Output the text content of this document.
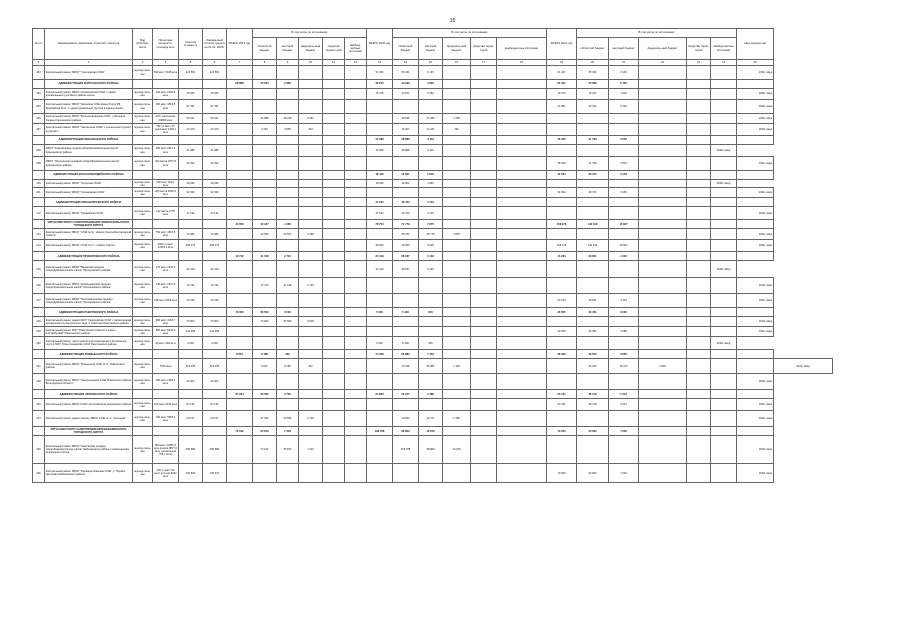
15
№ п/п	Наименование заказчиков, отраслей, объектов	Вид собствен-ности	Проектная мощность, площадь кв.м	Сметная стоимость	Ожидае-мый остаток средств на 01.01. 2018г.	ВСЕГО 2019 год	В том числе по источникам:					ВСЕГО 2020 год	В том числе по источникам:					ВСЕГО 2021 год	В том числе по источникам:					ввод мощностей	
							областной бюджет	местный бюджет	федераль-ный бюджет	средства террито-рий	внебюд-жетные источники		областной бюджет	местный бюджет	федераль-ный бюджет	средства терри-торий	внебюджетные источники		областной бюджет	местный бюджет	федераль-ный бюджет	средства терри-торий	внебюд-жетные источники		
1	2	3	4	5	6	7	8	9	10	11	12	13	14	15	16	17	18	19	20	21	22	23	24	25	
203	Капитальный ремонт МБОУ "Соколовская ООШ"	муници-паль-ная	560 мест 7228 кв.м	122 863	122 863							51 460	55 331	6 145				61 447	55 302	6 145				2021г. ввод	
	АДМИНИСТРАЦИЯ КОРОЧАНСКОГО РАЙОНА					28 888	25 230	2 866				49 215	44 299	4 922				61 531	55 389	6 152					
204	Капитальный ремонт МБОУ "Алексеевская СОШ" с двумя дошкольными группами в здании школы	муници-паль-ная	240 мест 2135,8 кв.м	25 845	25 845							15 378	12 814	2 562				29 470	16 447	1 923				2021г. ввод	
205	Капитальный ремонт МБОУ "Шеинская СОШ имени Героя РФ Борисевича Ю.А." с одной дошкольной группой в здании школы	муници-паль-ная	260 мест 3619,8 кв.м	61 031	61 031													41 851	53 022	5 129				2022г. ввод	
206	Капитальный ремонт МБОУ "Большехаланская СОШ", с.Большая Халань Корочанского района	муници-паль-ная	220 ученических 2088,8 кв.м	50 241	50 241		31 888	28 299	3 587				18 635	17 083	1 555									2020г. ввод	
207	Капитальный ремонт МБОУ "Заяченская ООШ" с дошкольной группой на 20 мест	муници-паль-ная	160 уч.мест, 20 дошк.мест 1284,1 кв.м	20 470	20 470		3 263	3 855	203				16 207	14 447	760									2020г. ввод	
	АДМИНИСТРАЦИЯ КРАСНЕНСКОГО РАЙОНА											41 088	36 885	4 110				35 323	31 790	3 533					
208	МБОУ "Камызинская средняя общеобразовательная школа" Красненского района	муници-паль-ная	180 мест 2417,6 кв.м	41 088	41 088							41 088	36 885	4 110									2020г. ввод		
209	МБОУ "Посохинская основная общеобразовательная школа" Красненского района	муници-паль-ная	204 места 2077,8 кв.м	35 323	35 323													35 323	31 790	3 533				2021г. ввод	
	АДМИНИСТРАЦИЯ КРАСНОГВАРДЕЙСКОГО РАЙОНА											18 446	16 601	1 845				31 534	28 372	3 153					
210	Капитальный ремонт МБОУ "Хуторская ООШ"	муници-паль-ная	140 мест 933,2 кв.м	18 446	18 446							18 446	16 601	1 845									2020г. ввод		
211	Капитальный ремонт МБОУ "Сорокинская ООШ"	муници-паль-ная	224 места 1854,4 кв.м	31 534	31 534													31 534	28 372	3 153				2021г. ввод	
	АДМИНИСТРАЦИЯ КРАСНОЯРУЖСКОГО РАЙОНА											47 192	42 473	4 719											
212	Капитальный ремонт МБОУ "Графовская ООШ"	муници-паль-ная	132 места 2778 кв.м	47 192	47 122							47 192	42 473	4 719										2020г. ввод	
	ОРГАН МЕСТНОГО САМОУПРАВЛЕНИЯ НОВООСКОЛЬСКОГО ГОРОДСКОГО ОКРУГА					44 650	40 187	4 465				78 754	71 779	7 875				158 273	142 443	15 827					
213	Капитальный ремонт МБОУ "СОШ № 3 г. Нового Оскола Белгородской области"	муници-паль-ная	750 мест 4315,5 кв.м	74 384	74 384		44 650	40 187	4 465				28 754	25 779	2 875									2020г. ввод	
214	Капитальный ремонт МБОУ "СОШ № 4" г. Нового Оскола	муници-паль-ная	1200 уч.мест 12251,2 кв.м	208 273	208 273							50 000	45 000	5 000				158 273	142 443	15 827				2021г. ввод	
	АДМИНИСТРАЦИЯ ПРОХОРОВСКОГО РАЙОНА					13 742	11 018	2 724				31 319	28 187	3 132				44 234	39 811	4 423					
215	Капитальный ремонт МБОУ "Вязовская средняя общеобразовательная школа" Прохоровского района	муници-паль-ная	170 мест 1942,3 кв.м	31 319	31 319							31 319	28 187	3 132									2020г. ввод		
216	Капитальный ремонт МБОУ "Кривошеевская средняя общеобразовательная школа" Прохоровского района	муници-паль-ная	140 мест 1547,9 кв.м	13 742	13 742		13 742	11 018	2 724															2019г. ввод	
217	Капитальный ремонт МБОУ "Маломаяченская средняя общеобразовательная школа" Прохоровского района	муници-паль-ная	198 мест 2093 кв.м	44 234	44 234													44 234	39 811	4 423				2021г. ввод	
	АДМИНИСТРАЦИЯ РАКИТЯНСКОГО РАЙОНА					70 000	66 500	3 500				5 000	5 400	600				33 505	30 451	3 084					
218	Капитальный ремонт здания МОУ "Никитовская СОШ" с размещением дошкольной группы-детского сада, п. Ракитное Ракитянского района	муници-паль-ная	280 мест 4166,7 кв.м	70 000	70 000		70 000	66 500	3 500															2019г. ввод	
219	Капитальный ремонт МОУ "Ракитянская СОШ № 2 имени А.И.Цыбулёва" Ракитянского района	муници-паль-ная	800 мест 8244,5 кв.м	142 283	142 283													33 505	30 451	3 084				2021г. ввод	
220	Капитальный ремонт части здания для размещения 2 дошкольных групп в МОУ "Илек-Кошарская СОШ" Ракитянского района	муници-паль-ная	40 мест 200 кв.м	6 000	6 000							6 000	5 400	600									2020г. ввод		
	АДМИНИСТРАЦИЯ РОВЕНЬСКОГО РАЙОНА					8 631	8 186	432				74 328	66 883	7 433				36 302	32 672	3 630					
221	Капитальный ремонт МБОУ "Ровеньская СОШ № 2", Ровеньского района	муници-паль-ная	7250 кв.м	119 259	119 259		8 631	8 186	432				74 328	66 883	7 433				36 302	32 672	3 630				2021г. ввод
222	Капитальный ремонт МБОУ "Нагольненская СОШ Ровеньского района Белгородской области"	муници-паль-ная	180 мест 2155,4 кв.м	36 302	36 302																			2022г. ввод	
	АДМИНИСТРАЦИЯ ЧЕРНЯНСКОГО РАЙОНА					37 294	33 565	3 729				24 863	22 377	2 486				54 131	48 718	5 413					
223	Капитальный ремонт МБОУ СОШ с.Холоповщина Чернянского района	муници-паль-ная	210 мест 2134 кв.м	54 131	54 131													54 131	48 718	5 413				2021г. ввод	
224	Капитальный ремонт здания школы "МБОУ СОШ № 2 г. Чернянка"	муници-паль-ная	700 мест 5055,2 кв.м	62 157	62 157		37 294	33 565	3 729				24 863	22 377	2 486									2020г. ввод	
	ОРГАН МЕСТНОГО САМОУПРАВЛЕНИЯ ШЕБЕКИНСКОГО ГОРОДСКОГО ОКРУГА					73 192	65 873	7 319				109 788	98 809	10 979				70 000	63 000	7 000					
225	Капитальный ремонт МБОУ "Никольская средняя общеобразовательная школа" Шебекинского района с размещением дошкольного блока	муници-паль-ная	800 мест 10353,5 кв.м (школа 8877,6 кв.м, дошкольная 765,7 кв.м)	182 980	182 980		73 192	65 873	7 319				109 788	98 809	10 979									2020г. ввод	
226	Капитальный ремонт МБОУ "Первоцепляевская ООШ", с. Первое Цепляево Шебекинского района	муници-паль-ная	220 уч.мест 50 мест для хор 4222 кв.м	202 840	100 437													70 000	63 000	7 000				2022г. ввод	
